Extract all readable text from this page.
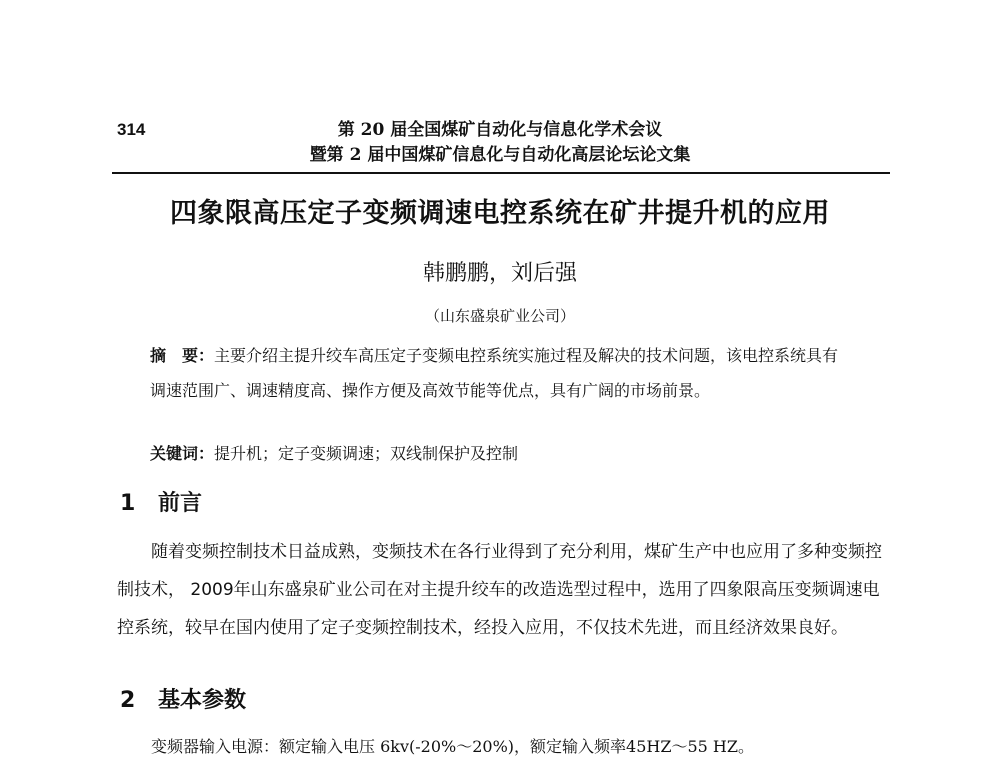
314	第 20 届全国煤矿自动化与信息化学术会议
暨第 2 届中国煤矿信息化与自动化高层论坛论文集
四象限高压定子变频调速电控系统在矿井提升机的应用
韩鹏鹏，刘后强
（山东盛泉矿业公司）
摘　要：主要介绍主提升绞车高压定子变频电控系统实施过程及解决的技术问题，该电控系统具有调速范围广、调速精度高、操作方便及高效节能等优点，具有广阔的市场前景。
关键词：提升机；定子变频调速；双线制保护及控制
1 前言
随着变频控制技术日益成熟，变频技术在各行业得到了充分利用，煤矿生产中也应用了多种变频控制技术， 2009年山东盛泉矿业公司在对主提升绞车的改造选型过程中，选用了四象限高压变频调速电控系统，较早在国内使用了定子变频控制技术，经投入应用，不仅技术先进，而且经济效果良好。
2 基本参数
变频器输入电源：额定输入电压 6kv(-20%～20%)，额定输入频率45HZ～55 HZ。
